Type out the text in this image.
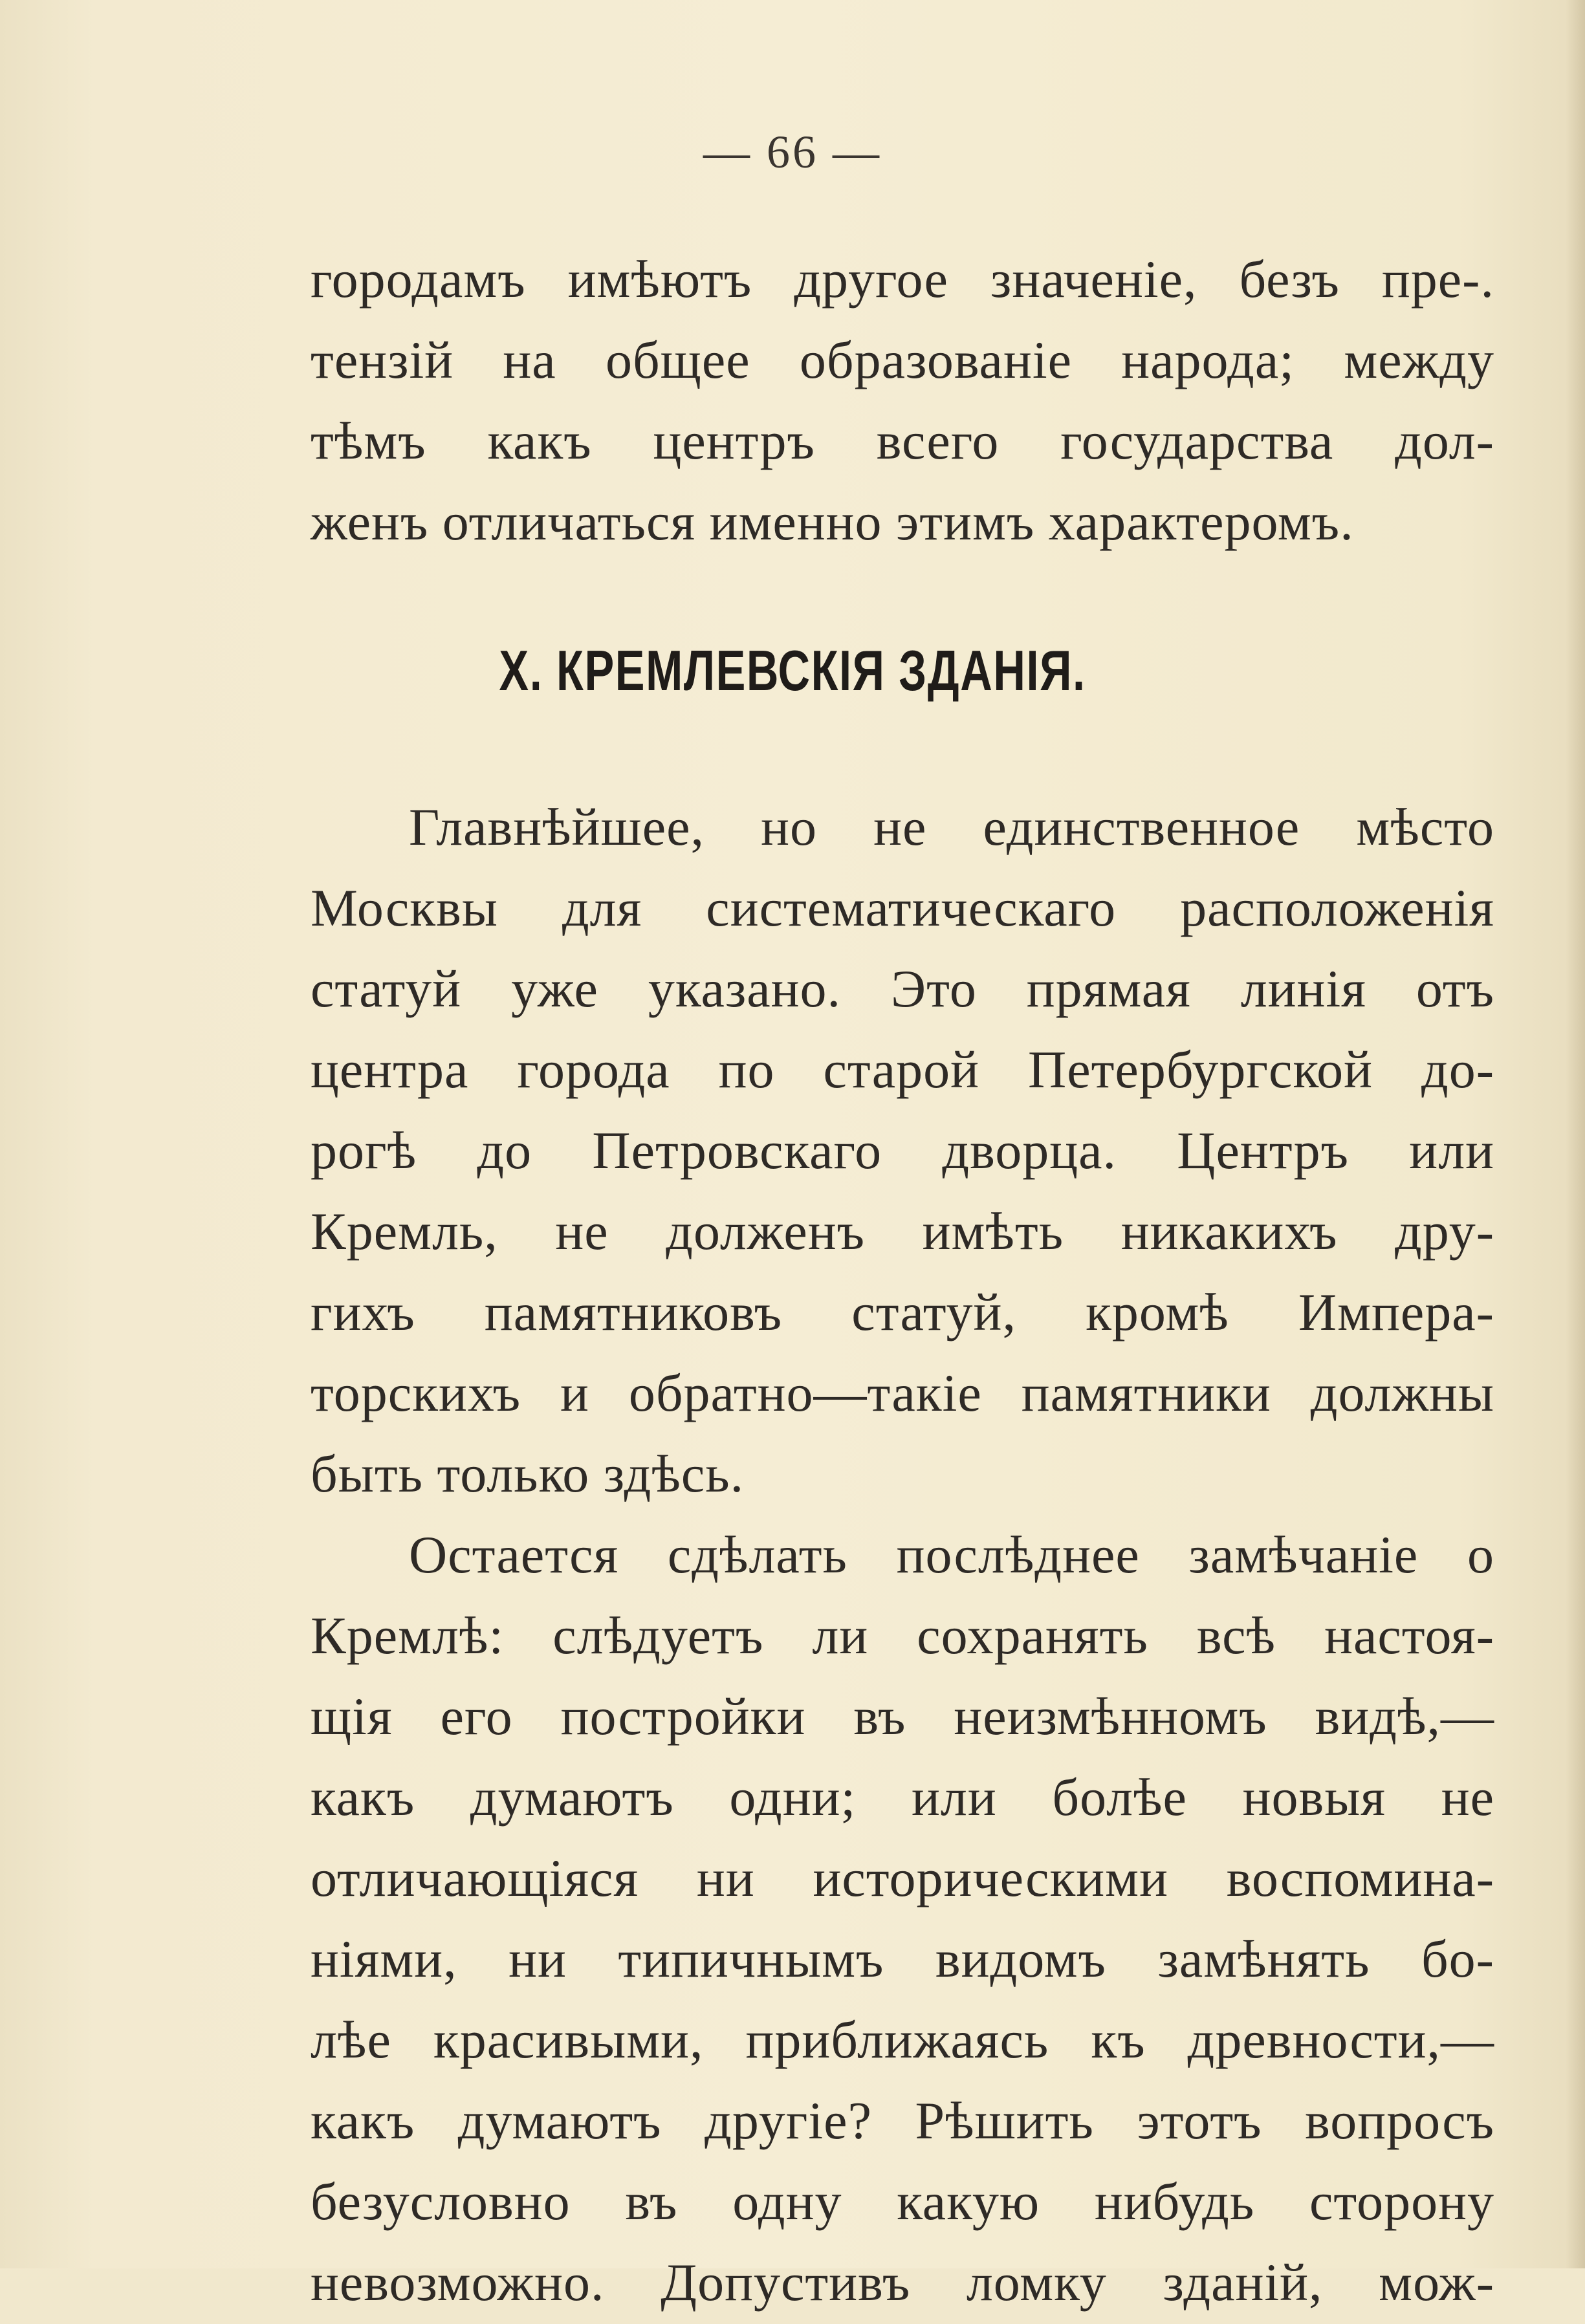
— 66 —
городамъ имѣютъ другое значеніе, безъ пре-.
тензій на общее образованіе народа; между
тѣмъ какъ центръ всего государства дол-
женъ отличаться именно этимъ характеромъ.
X. КРЕМЛЕВСКІЯ ЗДАНІЯ.
Главнѣйшее, но не единственное мѣсто
Москвы для систематическаго расположенія
статуй уже указано. Это прямая линія отъ
центра города по старой Петербургской до-
рогѣ до Петровскаго дворца. Центръ или
Кремль, не долженъ имѣть никакихъ дру-
гихъ памятниковъ статуй, кромѣ Импера-
торскихъ и обратно—такіе памятники должны
быть только здѣсь.
Остается сдѣлать послѣднее замѣчаніе о
Кремлѣ: слѣдуетъ ли сохранять всѣ настоя-
щія его постройки въ неизмѣнномъ видѣ,—
какъ думаютъ одни; или болѣе новыя не
отличающіяся ни историческими воспомина-
ніями, ни типичнымъ видомъ замѣнять бо-
лѣе красивыми, приближаясь къ древности,—
какъ думаютъ другіе? Рѣшить этотъ вопросъ
безусловно въ одну какую нибудь сторону
невозможно. Допустивъ ломку зданій, мож-
